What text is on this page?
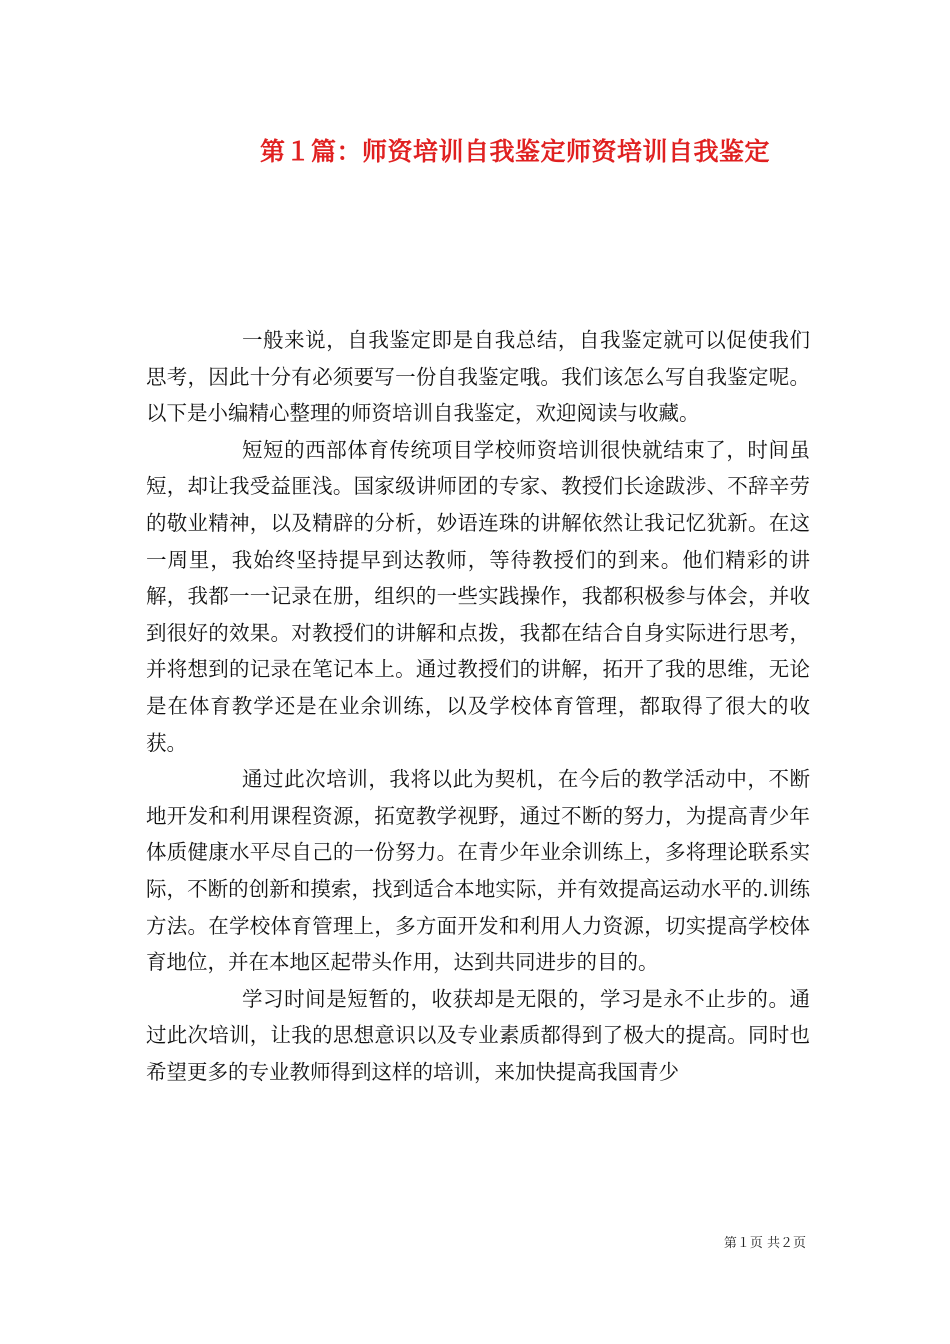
第１篇：师资培训自我鉴定师资培训自我鉴定

一般来说，自我鉴定即是自我总结，自我鉴定就可以促使我们思考，因此十分有必须要写一份自我鉴定哦。我们该怎么写自我鉴定呢。以下是小编精心整理的师资培训自我鉴定，欢迎阅读与收藏。

短短的西部体育传统项目学校师资培训很快就结束了，时间虽短，却让我受益匪浅。国家级讲师团的专家、教授们长途跋涉、不辞辛劳的敬业精神，以及精辟的分析，妙语连珠的讲解依然让我记忆犹新。在这一周里，我始终坚持提早到达教师，等待教授们的到来。他们精彩的讲解，我都一一记录在册，组织的一些实践操作，我都积极参与体会，并收到很好的效果。对教授们的讲解和点拨，我都在结合自身实际进行思考，并将想到的记录在笔记本上。通过教授们的讲解，拓开了我的思维，无论是在体育教学还是在业余训练，以及学校体育管理，都取得了很大的收获。

通过此次培训，我将以此为契机，在今后的教学活动中，不断地开发和利用课程资源，拓宽教学视野，通过不断的努力，为提高青少年体质健康水平尽自己的一份努力。在青少年业余训练上，多将理论联系实际，不断的创新和摸索，找到适合本地实际，并有效提高运动水平的.训练方法。在学校体育管理上，多方面开发和利用人力资源，切实提高学校体育地位，并在本地区起带头作用，达到共同进步的目的。

学习时间是短暂的，收获却是无限的，学习是永不止步的。通过此次培训，让我的思想意识以及专业素质都得到了极大的提高。同时也希望更多的专业教师得到这样的培训，来加快提高我国青少

第１页 共２页
